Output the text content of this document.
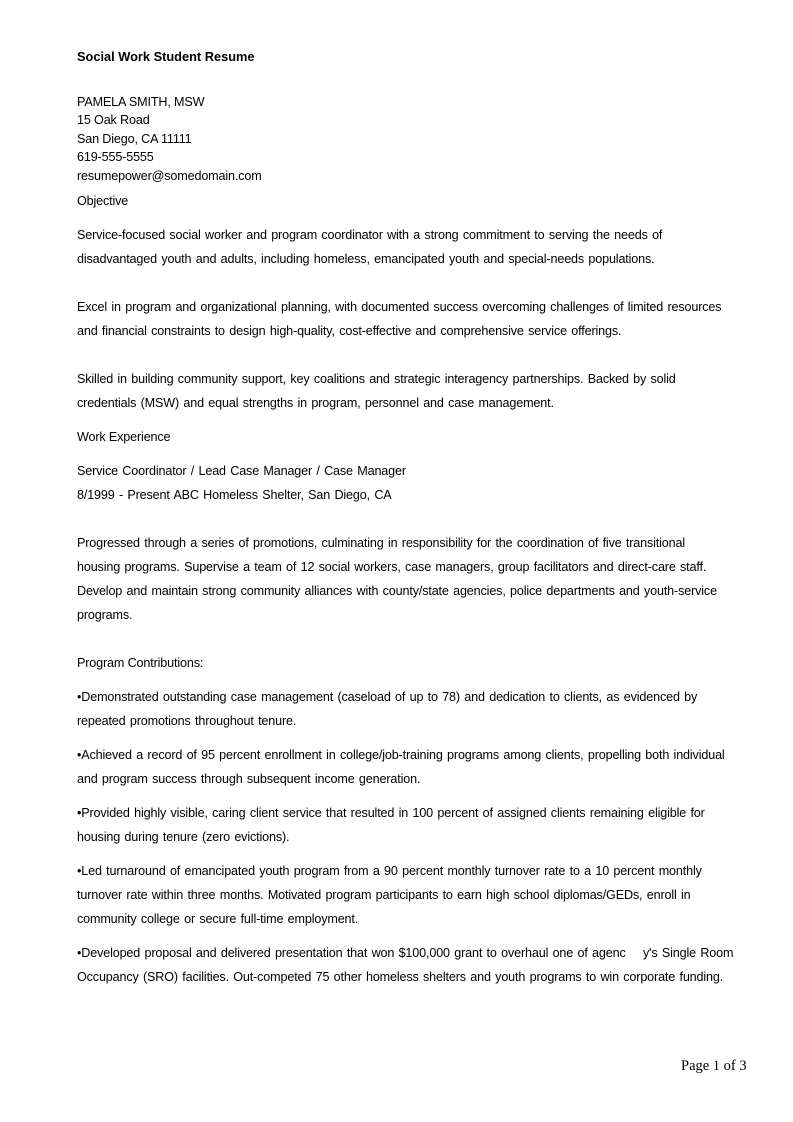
Social Work Student Resume
PAMELA SMITH, MSW
15 Oak Road
San Diego, CA 11111
619-555-5555
resumepower@somedomain.com
Objective
Service-focused social worker and program coordinator with a strong commitment to serving the needs of
disadvantaged youth and adults, including homeless, emancipated youth and special-needs populations.
Excel in program and organizational planning, with documented success overcoming challenges of limited resources
and financial constraints to design high-quality, cost-effective and comprehensive service offerings.
Skilled in building community support, key coalitions and strategic interagency partnerships. Backed by solid
credentials (MSW) and equal strengths in program, personnel and case management.
Work Experience
Service Coordinator / Lead Case Manager / Case Manager
8/1999 - Present ABC Homeless Shelter, San Diego, CA
Progressed through a series of promotions, culminating in responsibility for the coordination of five transitional
housing programs. Supervise a team of 12 social workers, case managers, group facilitators and direct-care staff.
Develop and maintain strong community alliances with county/state agencies, police departments and youth-service
programs.
Program Contributions:
•Demonstrated outstanding case management (caseload of up to 78) and dedication to clients, as evidenced by
repeated promotions throughout tenure.
•Achieved a record of 95 percent enrollment in college/job-training programs among clients, propelling both individual
and program success through subsequent income generation.
•Provided highly visible, caring client service that resulted in 100 percent of assigned clients remaining eligible for
housing during tenure (zero evictions).
•Led turnaround of emancipated youth program from a 90 percent monthly turnover rate to a 10 percent monthly
turnover rate within three months. Motivated program participants to earn high school diplomas/GEDs, enroll in
community college or secure full-time employment.
•Developed proposal and delivered presentation that won $100,000 grant to overhaul one of agenc    y's Single Room
Occupancy (SRO) facilities. Out-competed 75 other homeless shelters and youth programs to win corporate funding.
Page 1 of 3
